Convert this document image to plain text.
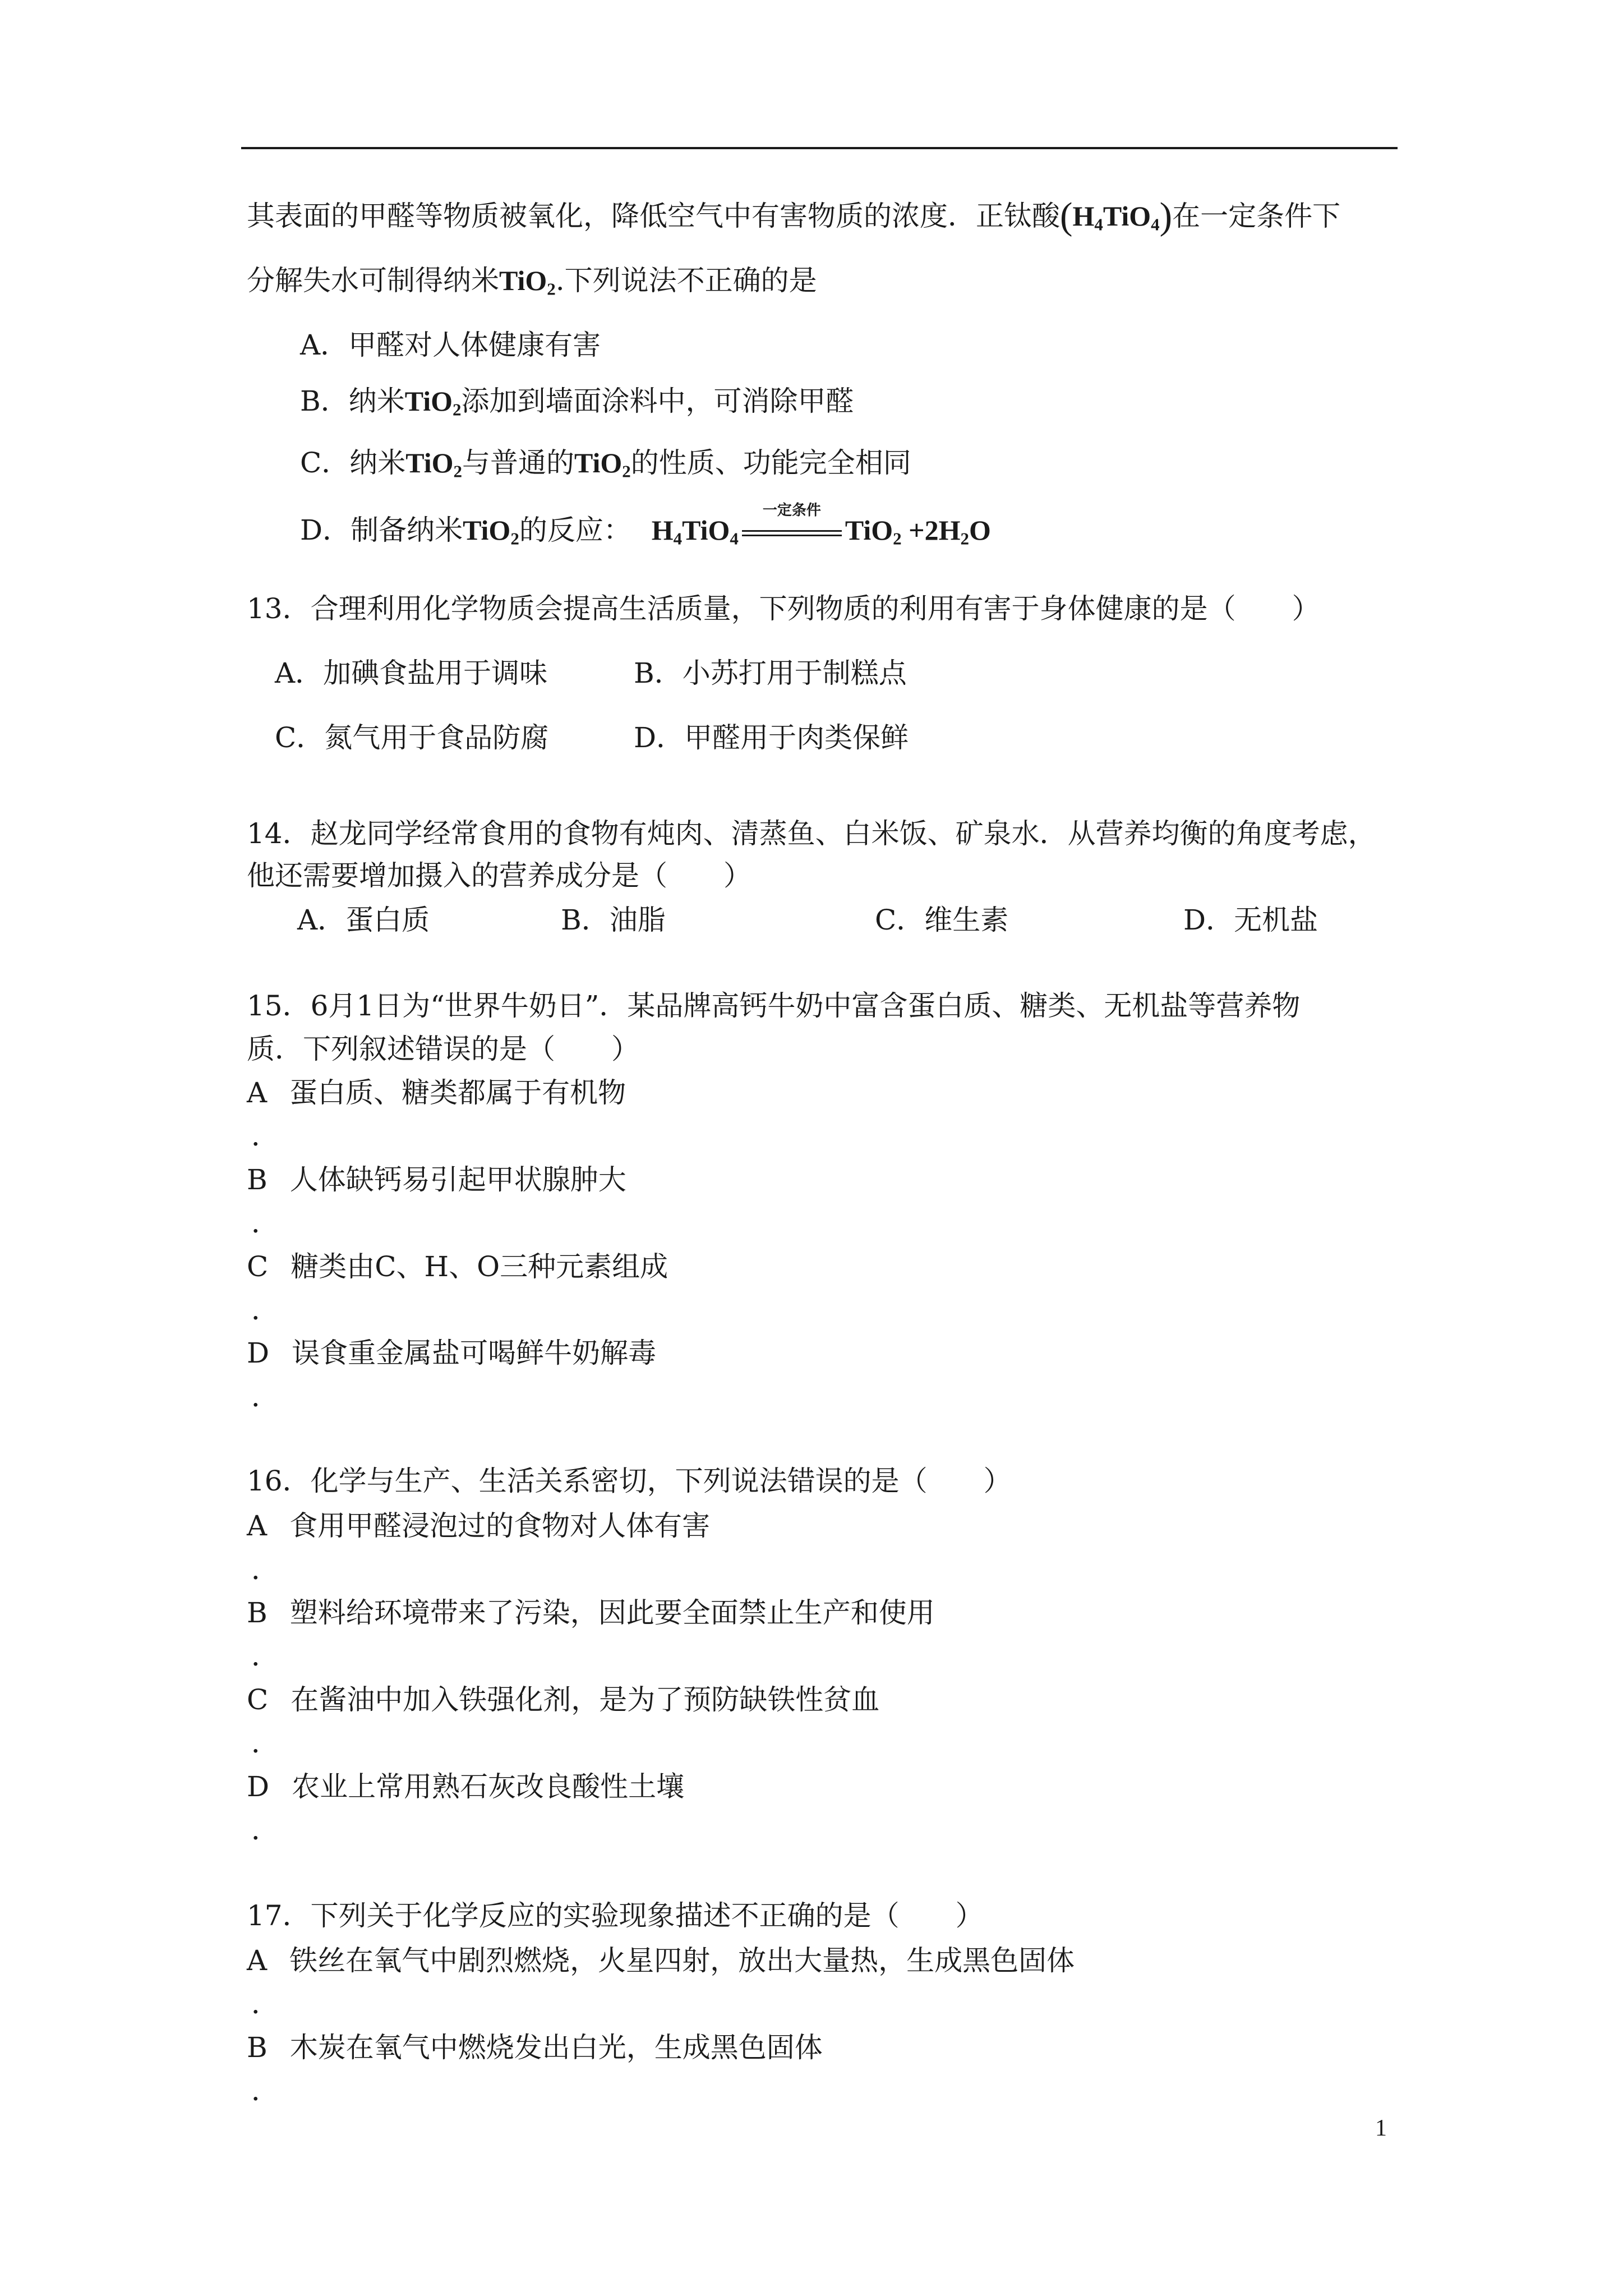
其表面的甲醛等物质被氧化，降低空气中有害物质的浓度．正钛酸$(H_4TiO_4)$在一定条件下
分解失水可制得纳米TiO$_2$.下列说法不正确的是
A．甲醛对人体健康有害
B．纳米TiO$_2$添加到墙面涂料中，可消除甲醛
C．纳米TiO$_2$与普通的TiO$_2$的性质、功能完全相同
D．制备纳米TiO$_2$的反应： $H_4TiO_4$
一定条件
$TiO_2 +2H_2O$
13．合理利用化学物质会提高生活质量，下列物质的利用有害于身体健康的是（　　）
A．加碘食盐用于调味	B．小苏打用于制糕点
C．氮气用于食品防腐	D．甲醛用于肉类保鲜
14．赵龙同学经常食用的食物有炖肉、清蒸鱼、白米饭、矿泉水．从营养均衡的角度考虑，
他还需要增加摄入的营养成分是（　　）
A．蛋白质	B．油脂	C．维生素	D．无机盐
15．6月1日为“世界牛奶日”．某品牌高钙牛奶中富含蛋白质、糖类、无机盐等营养物
质．下列叙述错误的是（　　）
A 蛋白质、糖类都属于有机物
．
B 人体缺钙易引起甲状腺肿大
．
C 糖类由C、H、O三种元素组成
．
D 误食重金属盐可喝鲜牛奶解毒
．
16．化学与生产、生活关系密切，下列说法错误的是（　　）
A 食用甲醛浸泡过的食物对人体有害
．
B 塑料给环境带来了污染，因此要全面禁止生产和使用
．
C 在酱油中加入铁强化剂，是为了预防缺铁性贫血
．
D 农业上常用熟石灰改良酸性土壤
．
17．下列关于化学反应的实验现象描述不正确的是（　　）
A 铁丝在氧气中剧烈燃烧，火星四射，放出大量热，生成黑色固体
．
B 木炭在氧气中燃烧发出白光，生成黑色固体
．
1
